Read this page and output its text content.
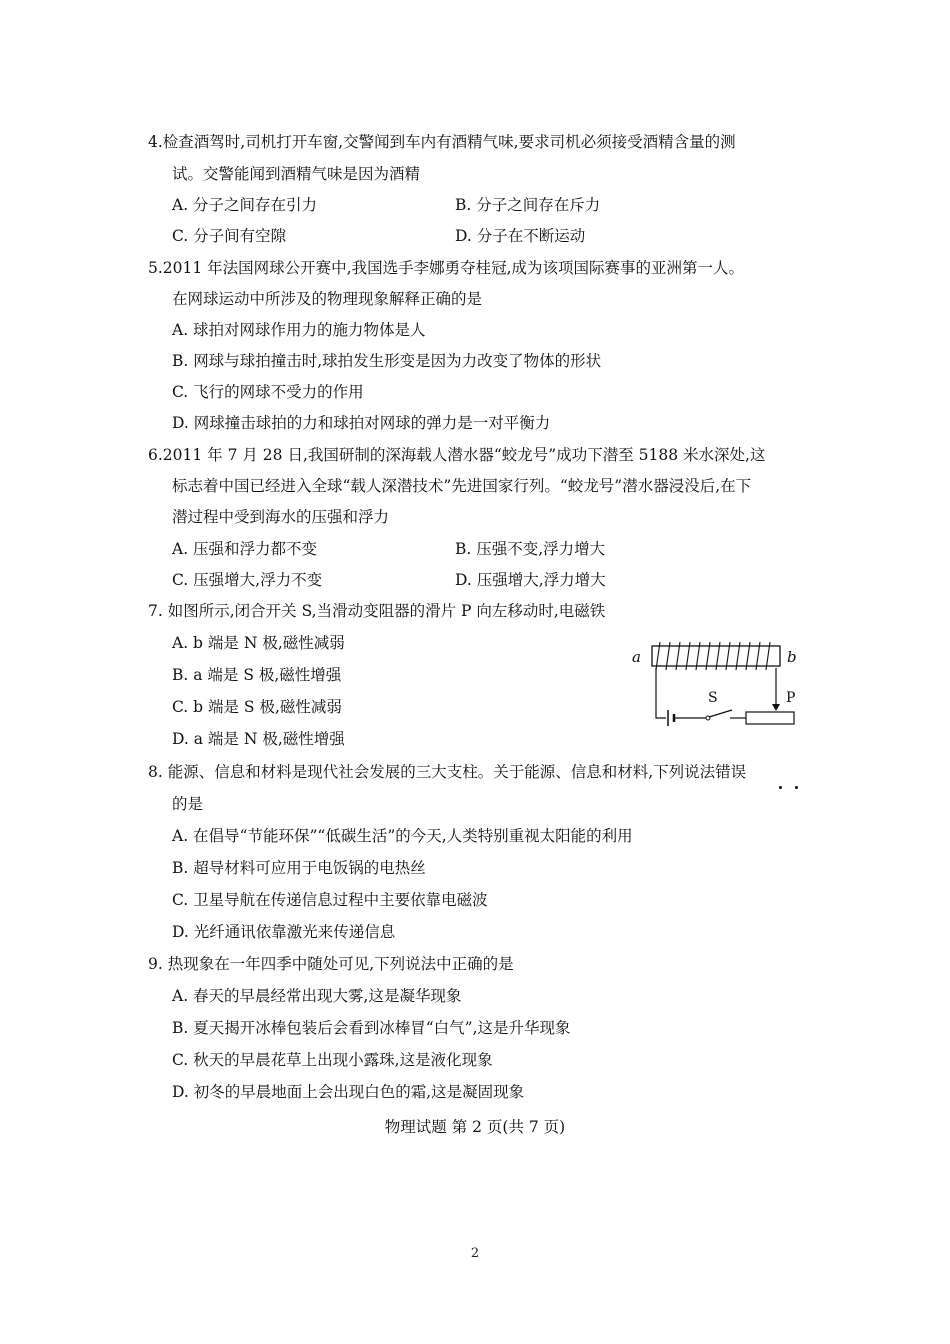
4.检查酒驾时,司机打开车窗,交警闻到车内有酒精气味,要求司机必须接受酒精含量的测
试。交警能闻到酒精气味是因为酒精
A. 分子之间存在引力	B. 分子之间存在斥力
C. 分子间有空隙	D. 分子在不断运动
5.2011 年法国网球公开赛中,我国选手李娜勇夺桂冠,成为该项国际赛事的亚洲第一人。
在网球运动中所涉及的物理现象解释正确的是
A. 球拍对网球作用力的施力物体是人
B. 网球与球拍撞击时,球拍发生形变是因为力改变了物体的形状
C. 飞行的网球不受力的作用
D. 网球撞击球拍的力和球拍对网球的弹力是一对平衡力
6.2011 年 7 月 28 日,我国研制的深海载人潜水器“蛟龙号”成功下潜至 5188 米水深处,这
标志着中国已经进入全球“载人深潜技术”先进国家行列。“蛟龙号”潜水器浸没后,在下
潜过程中受到海水的压强和浮力
A. 压强和浮力都不变	B. 压强不变,浮力增大
C. 压强增大,浮力不变	D. 压强增大,浮力增大
7. 如图所示,闭合开关 S,当滑动变阻器的滑片 P 向左移动时,电磁铁
A. b 端是 N 极,磁性减弱
B. a 端是 S 极,磁性增强
C. b 端是 S 极,磁性减弱
D. a 端是 N 极,磁性增强
a	b
S	P
8. 能源、信息和材料是现代社会发展的三大支柱。关于能源、信息和材料,下列说法错误
的是
A. 在倡导“节能环保”“低碳生活”的今天,人类特别重视太阳能的利用
B. 超导材料可应用于电饭锅的电热丝
C. 卫星导航在传递信息过程中主要依靠电磁波
D. 光纤通讯依靠激光来传递信息
9. 热现象在一年四季中随处可见,下列说法中正确的是
A. 春天的早晨经常出现大雾,这是凝华现象
B. 夏天揭开冰棒包装后会看到冰棒冒“白气”,这是升华现象
C. 秋天的早晨花草上出现小露珠,这是液化现象
D. 初冬的早晨地面上会出现白色的霜,这是凝固现象
物理试题 第 2 页(共 7 页)
2
